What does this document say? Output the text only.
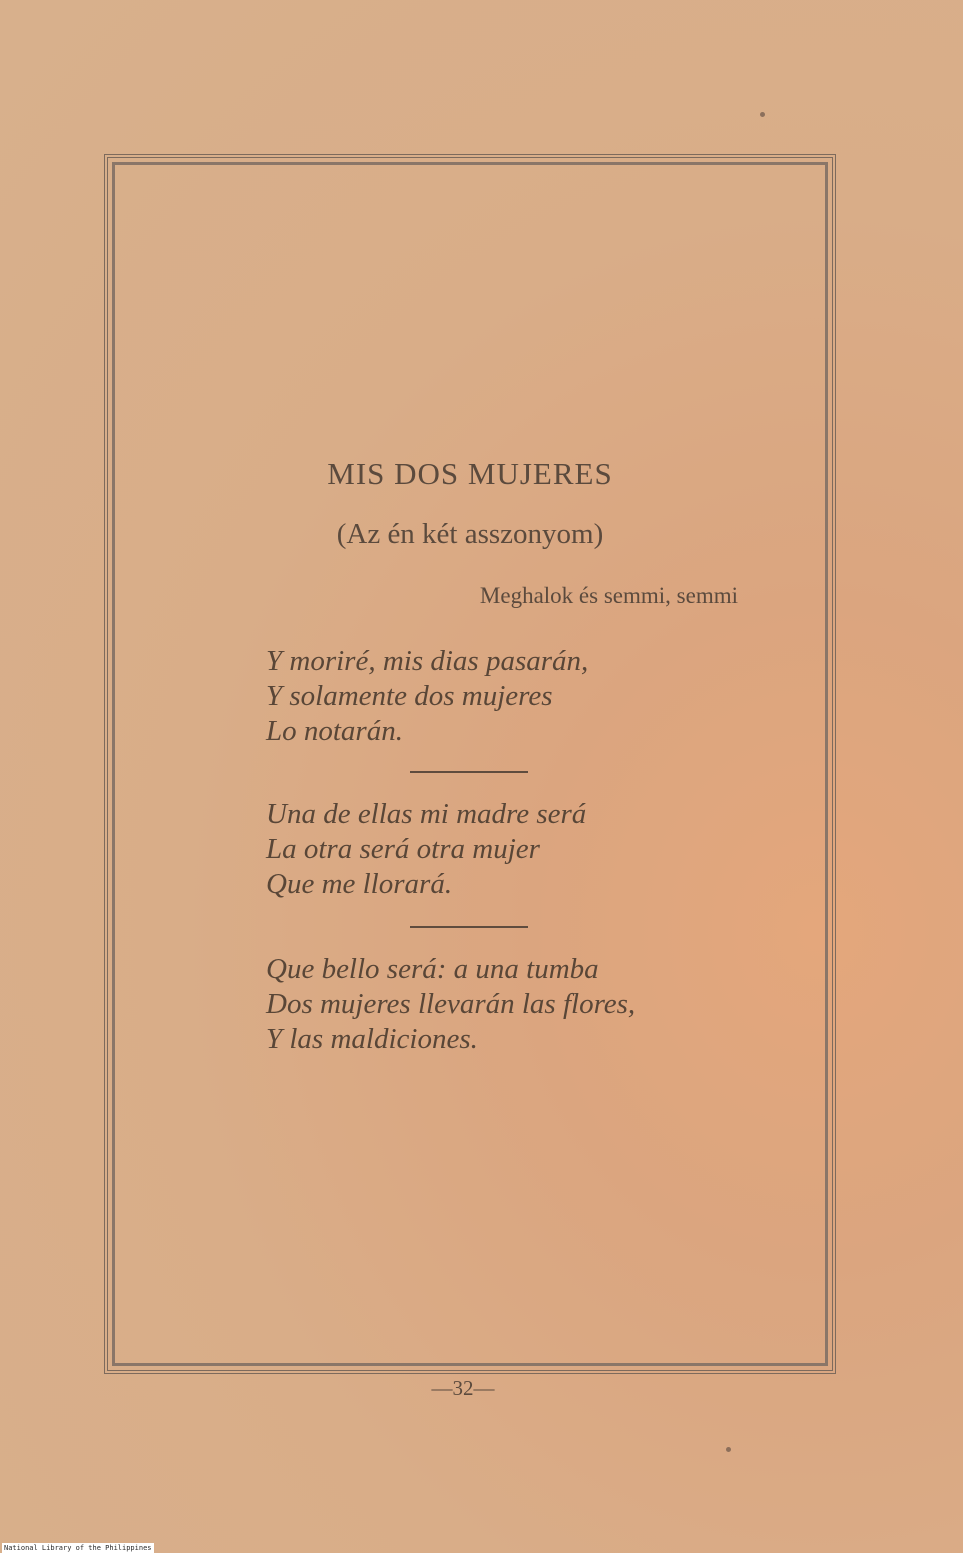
MIS DOS MUJERES
(Az én két asszonyom)
Meghalok és semmi, semmi
Y moriré, mis dias pasarán,
Y solamente dos mujeres
Lo notarán.
Una de ellas mi madre será
La otra será otra mujer
Que me llorará.
Que bello será: a una tumba
Dos mujeres llevarán las flores,
Y las maldiciones.
—32—
National Library of the Philippines
